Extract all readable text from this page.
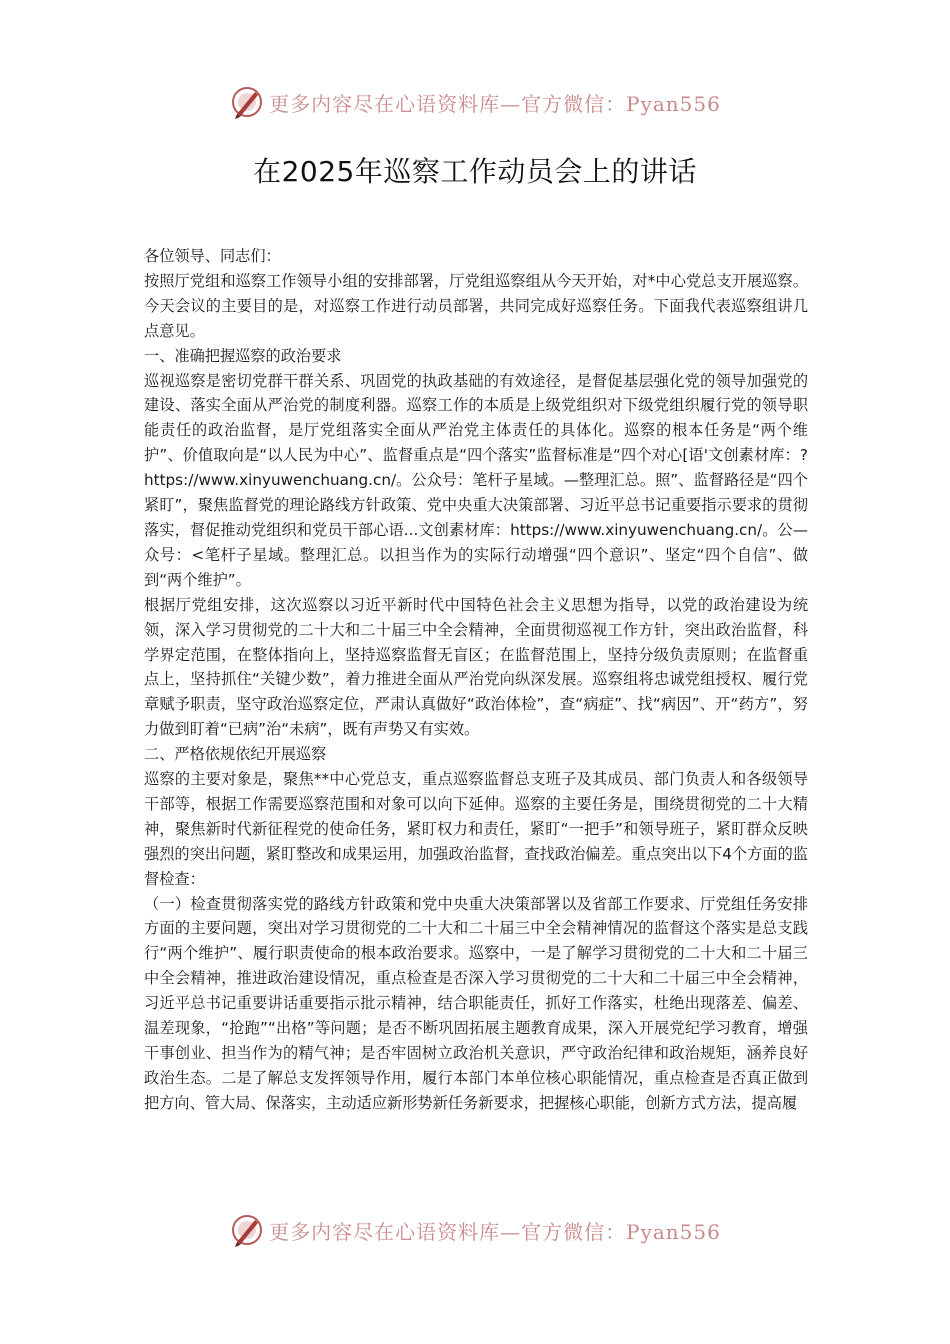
更多内容尽在心语资料库—官方微信：Pyan556
在2025年巡察工作动员会上的讲话

各位领导、同志们：

按照厅党组和巡察工作领导小组的安排部署，厅党组巡察组从今天开始，对*中心党总支开展巡察。今天会议的主要目的是，对巡察工作进行动员部署，共同完成好巡察任务。下面我代表巡察组讲几点意见。

一、准确把握巡察的政治要求

巡视巡察是密切党群干群关系、巩固党的执政基础的有效途径，是督促基层强化党的领导加强党的建设、落实全面从严治党的制度利器。巡察工作的本质是上级党组织对下级党组织履行党的领导职能责任的政治监督，是厅党组落实全面从严治党主体责任的具体化。巡察的根本任务是“两个维护”、价值取向是“以人民为中心”、监督重点是“四个落实”监督标准是“四个对心[语'文创素材库：?https://www.xinyuwenchuang.cn/。公众号：笔杆子星域。—整理汇总。照”、监督路径是“四个紧盯”，聚焦监督党的理论路线方针政策、党中央重大决策部署、习近平总书记重要指示要求的贯彻落实，督促推动党组织和党员干部心语...文创素材库：https://www.xinyuwenchuang.cn/。公—众号：<笔杆子星域。整理汇总。以担当作为的实际行动增强“四个意识”、坚定“四个自信”、做到“两个维护”。

根据厅党组安排，这次巡察以习近平新时代中国特色社会主义思想为指导，以党的政治建设为统领，深入学习贯彻党的二十大和二十届三中全会精神，全面贯彻巡视工作方针，突出政治监督，科学界定范围，在整体指向上，坚持巡察监督无盲区；在监督范围上，坚持分级负责原则；在监督重点上，坚持抓住“关键少数”，着力推进全面从严治党向纵深发展。巡察组将忠诚党组授权、履行党章赋予职责，坚守政治巡察定位，严肃认真做好“政治体检”，查“病症”、找“病因”、开“药方”，努力做到盯着“已病”治“未病”，既有声势又有实效。

二、严格依规依纪开展巡察

巡察的主要对象是，聚焦**中心党总支，重点巡察监督总支班子及其成员、部门负责人和各级领导干部等，根据工作需要巡察范围和对象可以向下延伸。巡察的主要任务是，围绕贯彻党的二十大精神，聚焦新时代新征程党的使命任务，紧盯权力和责任，紧盯“一把手”和领导班子，紧盯群众反映强烈的突出问题，紧盯整改和成果运用，加强政治监督，查找政治偏差。重点突出以下4个方面的监督检查：

（一）检查贯彻落实党的路线方针政策和党中央重大决策部署以及省部工作要求、厅党组任务安排方面的主要问题，突出对学习贯彻党的二十大和二十届三中全会精神情况的监督这个落实是总支践行“两个维护”、履行职责使命的根本政治要求。巡察中，一是了解学习贯彻党的二十大和二十届三中全会精神，推进政治建设情况，重点检查是否深入学习贯彻党的二十大和二十届三中全会精神，习近平总书记重要讲话重要指示批示精神，结合职能责任，抓好工作落实，杜绝出现落差、偏差、温差现象，“抢跑”“出格”等问题；是否不断巩固拓展主题教育成果，深入开展党纪学习教育，增强干事创业、担当作为的精气神；是否牢固树立政治机关意识，严守政治纪律和政治规矩，涵养良好政治生态。二是了解总支发挥领导作用，履行本部门本单位核心职能情况，重点检查是否真正做到把方向、管大局、保落实，主动适应新形势新任务新要求，把握核心职能，创新方式方法，提高履

更多内容尽在心语资料库—官方微信：Pyan556
